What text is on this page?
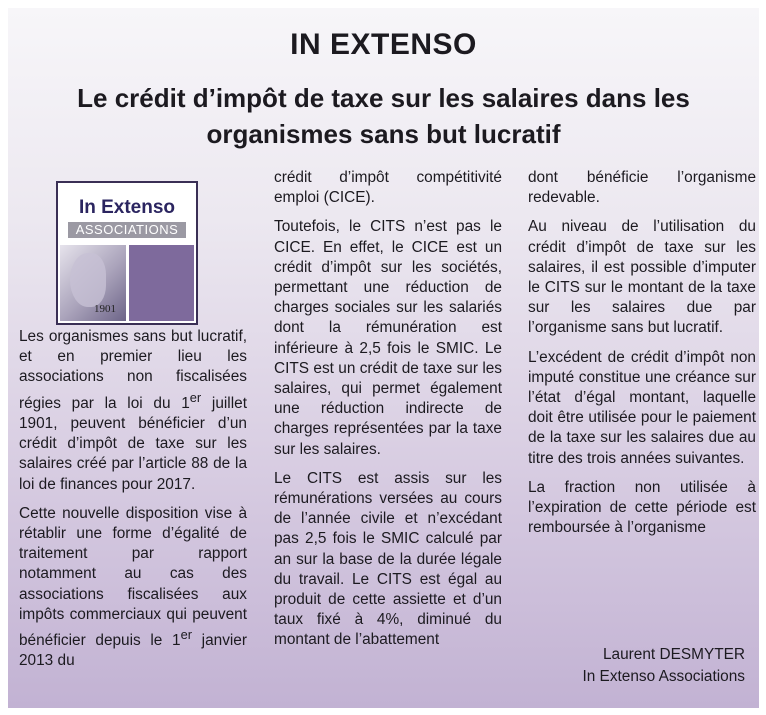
IN EXTENSO
Le crédit d’impôt de taxe sur les salaires dans les
organismes sans but lucratif
In Extenso
ASSOCIATIONS
1901

Les organismes sans but lucratif, et en premier lieu les associations non fiscalisées régies par la loi du 1er juillet 1901, peuvent bénéficier d’un crédit d’impôt de taxe sur les salaires créé par l’article 88 de la loi de finances pour 2017.

Cette nouvelle disposition vise à rétablir une forme d’égalité de traitement par rapport notamment au cas des associations fiscalisées aux impôts commerciaux qui peuvent bénéficier depuis le 1er janvier 2013 du

crédit d’impôt compétitivité emploi (CICE).

Toutefois, le CITS n’est pas le CICE. En effet, le CICE est un crédit d’impôt sur les sociétés, permettant une réduction de charges sociales sur les salariés dont la rémunération est inférieure à 2,5 fois le SMIC. Le CITS est un crédit de taxe sur les salaires, qui permet également une réduction indirecte de charges représentées par la taxe sur les salaires.

Le CITS est assis sur les rémunérations versées au cours de l’année civile et n’excédant pas 2,5 fois le SMIC calculé par an sur la base de la durée légale du travail. Le CITS est égal au produit de cette assiette et d’un taux fixé à 4%, diminué du montant de l’abattement

dont bénéficie l’organisme redevable.

Au niveau de l’utilisation du crédit d’impôt de taxe sur les salaires, il est possible d’imputer le CITS sur le montant de la taxe sur les salaires due par l’organisme sans but lucratif.

L’excédent de crédit d’impôt non imputé constitue une créance sur l’état d’égal montant, laquelle doit être utilisée pour le paiement de la taxe sur les salaires due au titre des trois années suivantes.

La fraction non utilisée à l’expiration de cette période est remboursée à l’organisme

Laurent DESMYTER
In Extenso Associations
